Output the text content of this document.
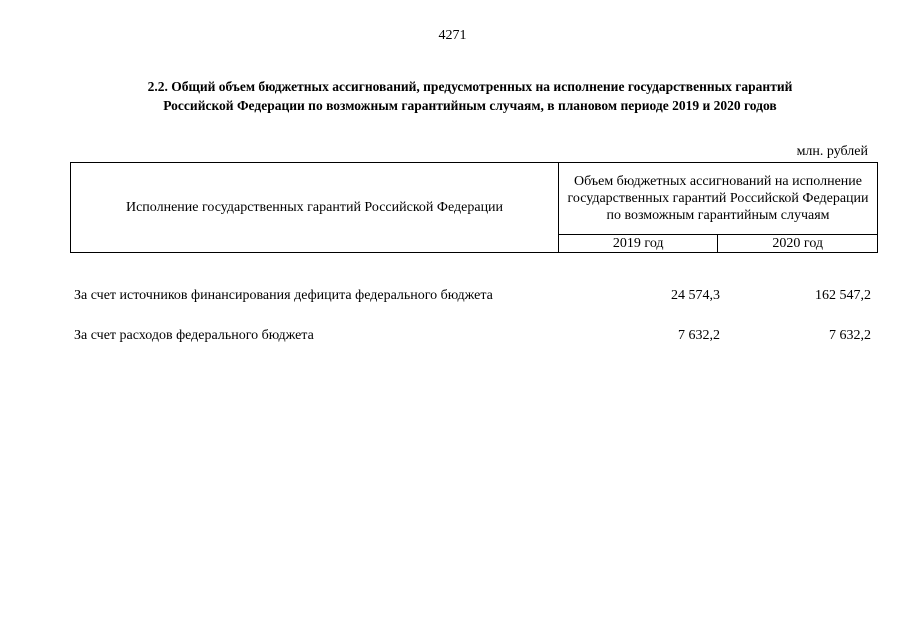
4271
2.2. Общий объем бюджетных ассигнований, предусмотренных на исполнение государственных гарантий
Российской Федерации по возможным гарантийным случаям, в плановом периоде 2019 и 2020 годов
млн. рублей
Исполнение государственных гарантий Российской Федерации	Объем бюджетных ассигнований на исполнение государственных гарантий Российской Федерации по возможным гарантийным случаям	
	2019 год	2020 год
За счет источников финансирования дефицита федерального бюджета	24 574,3	162 547,2
За счет расходов федерального бюджета	7 632,2	7 632,2
